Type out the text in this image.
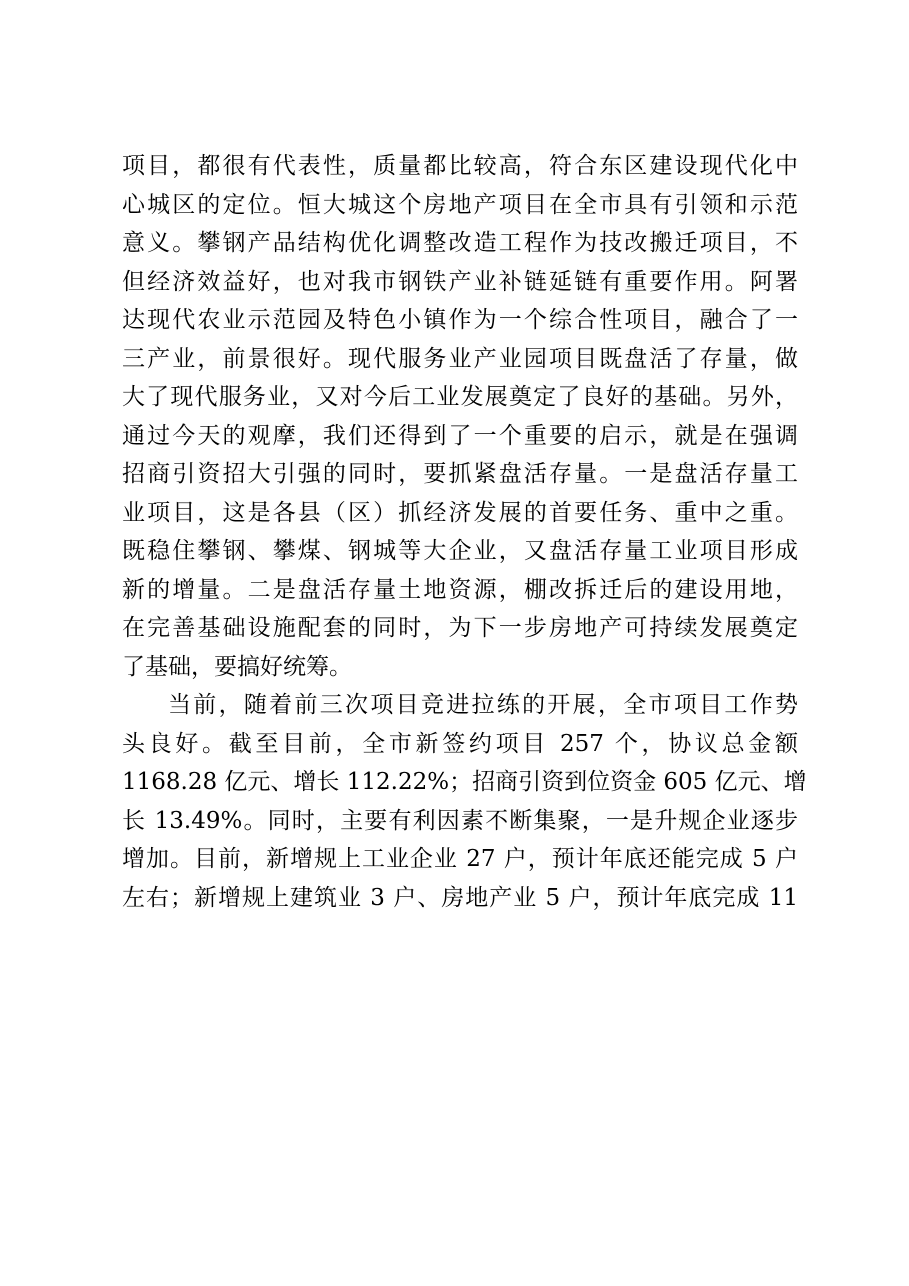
项目，都很有代表性，质量都比较高，符合东区建设现代化中
心城区的定位。恒大城这个房地产项目在全市具有引领和示范
意义。攀钢产品结构优化调整改造工程作为技改搬迁项目，不
但经济效益好，也对我市钢铁产业补链延链有重要作用。阿署
达现代农业示范园及特色小镇作为一个综合性项目，融合了一
三产业，前景很好。现代服务业产业园项目既盘活了存量，做
大了现代服务业，又对今后工业发展奠定了良好的基础。另外，
通过今天的观摩，我们还得到了一个重要的启示，就是在强调
招商引资招大引强的同时，要抓紧盘活存量。一是盘活存量工
业项目，这是各县（区）抓经济发展的首要任务、重中之重。
既稳住攀钢、攀煤、钢城等大企业，又盘活存量工业项目形成
新的增量。二是盘活存量土地资源，棚改拆迁后的建设用地，
在完善基础设施配套的同时，为下一步房地产可持续发展奠定
了基础，要搞好统筹。
当前，随着前三次项目竞进拉练的开展，全市项目工作势
头良好。截至目前，全市新签约项目 257 个，协议总金额
1168.28 亿元、增长 112.22%；招商引资到位资金 605 亿元、增
长 13.49%。同时，主要有利因素不断集聚，一是升规企业逐步
增加。目前，新增规上工业企业 27 户，预计年底还能完成 5 户
左右；新增规上建筑业 3 户、房地产业 5 户，预计年底完成 11
